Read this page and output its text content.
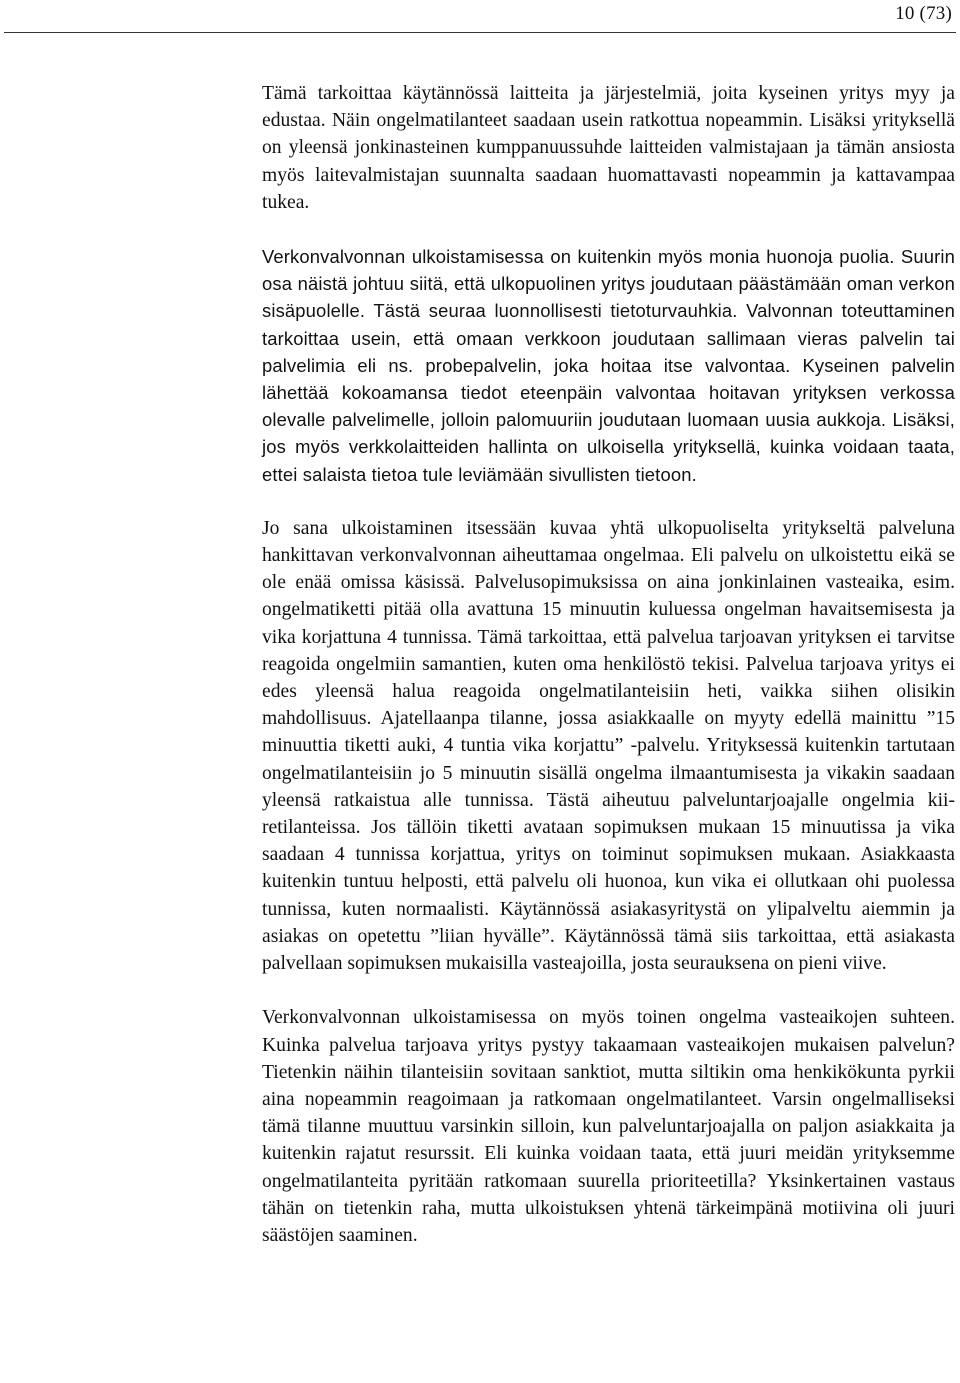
10 (73)

Tämä tarkoittaa käytännössä laitteita ja järjestelmiä, joita kyseinen yritys myy ja edustaa. Näin ongelmatilanteet saadaan usein ratkottua nopeammin. Lisäksi yrityksellä on yleensä jonkinasteinen kumppanuussuhde laitteiden valmistajaan ja tämän ansiosta myös laitevalmistajan suunnalta saadaan huomattavasti nopeammin ja kattavampaa tukea.

Verkonvalvonnan ulkoistamisessa on kuitenkin myös monia huonoja puolia. Suurin osa näistä johtuu siitä, että ulkopuolinen yritys joudutaan päästämään oman verkon sisäpuolelle. Tästä seuraa luonnollisesti tietoturvauhkia. Valvonnan toteuttaminen tarkoittaa usein, että omaan verkkoon joudutaan sallimaan vieras palvelin tai palvelimia eli ns. probepalvelin, joka hoitaa itse valvontaa. Kyseinen palvelin lähettää kokoamansa tiedot eteenpäin valvontaa hoitavan yrityksen verkossa olevalle palvelimelle, jolloin palomuuriin joudutaan luomaan uusia aukkoja. Lisäksi, jos myös verkkolaitteiden hallinta on ulkoisella yrityksellä, kuinka voidaan taata, ettei salaista tietoa tule leviämään sivullisten tietoon.

Jo sana ulkoistaminen itsessään kuvaa yhtä ulkopuoliselta yritykseltä palveluna hankittavan verkonvalvonnan aiheuttamaa ongelmaa. Eli palvelu on ulkoistettu eikä se ole enää omissa käsissä. Palvelusopimuksissa on aina jonkinlainen vasteaika, esim. ongelmatiketti pitää olla avattuna 15 minuutin kuluessa ongelman havaitsemisesta ja vika korjattuna 4 tunnissa. Tämä tarkoittaa, että palvelua tarjoavan yrityksen ei tarvitse reagoida ongelmiin samantien, kuten oma henkilöstö tekisi. Palvelua tarjoava yritys ei edes yleensä halua reagoida ongelmatilanteisiin heti, vaikka siihen olisikin mahdollisuus. Ajatellaanpa tilanne, jossa asiakkaalle on myyty edellä mainittu ”15 minuuttia tiketti auki, 4 tuntia vika korjattu” -palvelu. Yrityksessä kuitenkin tartutaan ongelmatilanteisiin jo 5 minuutin sisällä ongelma ilmaantumisesta ja vikakin saadaan yleensä ratkaistua alle tunnissa. Tästä aiheutuu palveluntarjoajalle ongelmia kiiretilanteissa. Jos tällöin tiketti avataan sopimuksen mukaan 15 minuutissa ja vika saadaan 4 tunnissa korjattua, yritys on toiminut sopimuksen mukaan. Asiakkaasta kuitenkin tuntuu helposti, että palvelu oli huonoa, kun vika ei ollutkaan ohi puolessa tunnissa, kuten normaalisti. Käytännössä asiakasyritystä on ylipalveltu aiemmin ja asiakas on opetettu ”liian hyvälle”. Käytännössä tämä siis tarkoittaa, että asiakasta palvellaan sopimuksen mukaisilla vasteajoilla, josta seurauksena on pieni viive.

Verkonvalvonnan ulkoistamisessa on myös toinen ongelma vasteaikojen suhteen. Kuinka palvelua tarjoava yritys pystyy takaamaan vasteaikojen mukaisen palvelun? Tietenkin näihin tilanteisiin sovitaan sanktiot, mutta siltikin oma henkikökunta pyrkii aina nopeammin reagoimaan ja ratkomaan ongelmatilanteet. Varsin ongelmalliseksi tämä tilanne muuttuu varsinkin silloin, kun palveluntarjoajalla on paljon asiakkaita ja kuitenkin rajatut resurssit. Eli kuinka voidaan taata, että juuri meidän yrityksemme ongelmatilanteita pyritään ratkomaan suurella prioriteetilla? Yksinkertainen vastaus tähän on tietenkin raha, mutta ulkoistuksen yhtenä tärkeimpänä motiivina oli juuri säästöjen saaminen.
